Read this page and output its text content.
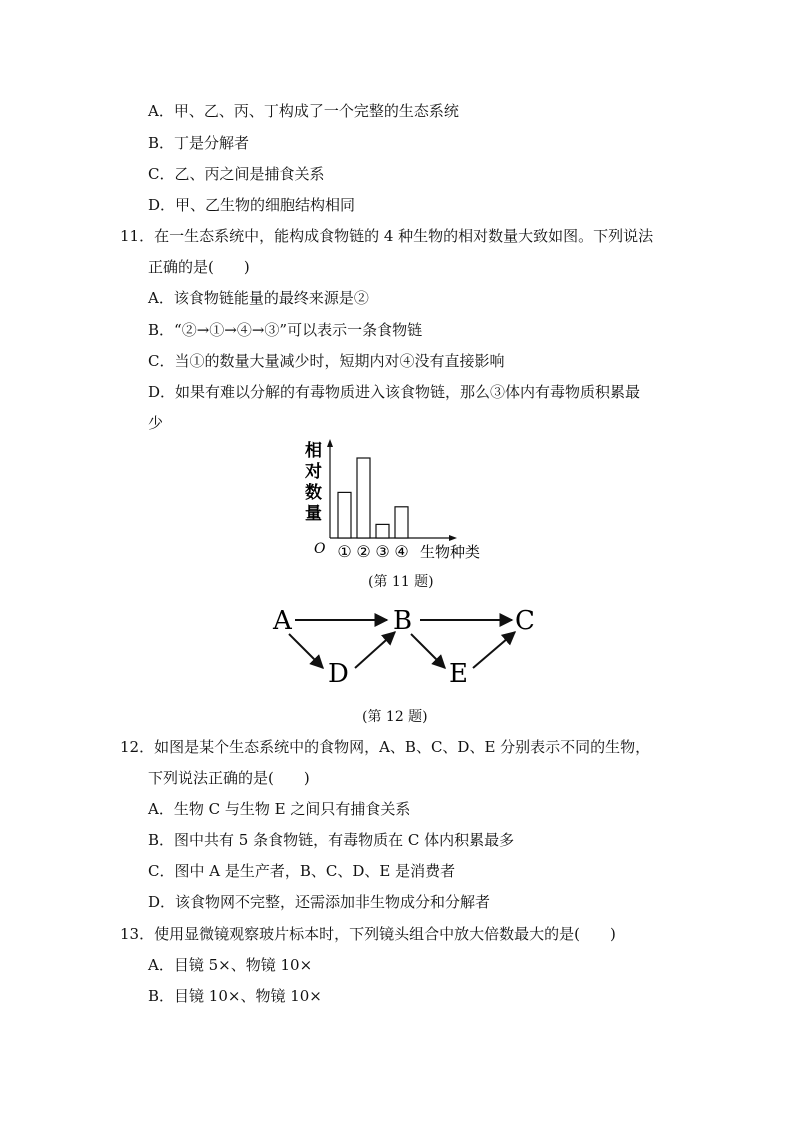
A．甲、乙、丙、丁构成了一个完整的生态系统
B．丁是分解者
C．乙、丙之间是捕食关系
D．甲、乙生物的细胞结构相同
11．在一生态系统中，能构成食物链的 4 种生物的相对数量大致如图。下列说法
正确的是(　　)
A．该食物链能量的最终来源是②
B．“②→①→④→③”可以表示一条食物链
C．当①的数量大量减少时，短期内对④没有直接影响
D．如果有难以分解的有毒物质进入该食物链，那么③体内有毒物质积累最
少
相
对
数
量
① ② ③ ④
O	生物种类
(第 11 题)
A	B	C
D	E
(第 12 题)
12．如图是某个生态系统中的食物网，A、B、C、D、E 分别表示不同的生物，
下列说法正确的是(　　)
A．生物 C 与生物 E 之间只有捕食关系
B．图中共有 5 条食物链，有毒物质在 C 体内积累最多
C．图中 A 是生产者，B、C、D、E 是消费者
D．该食物网不完整，还需添加非生物成分和分解者
13．使用显微镜观察玻片标本时，下列镜头组合中放大倍数最大的是(　　)
A．目镜 5×、物镜 10×
B．目镜 10×、物镜 10×
